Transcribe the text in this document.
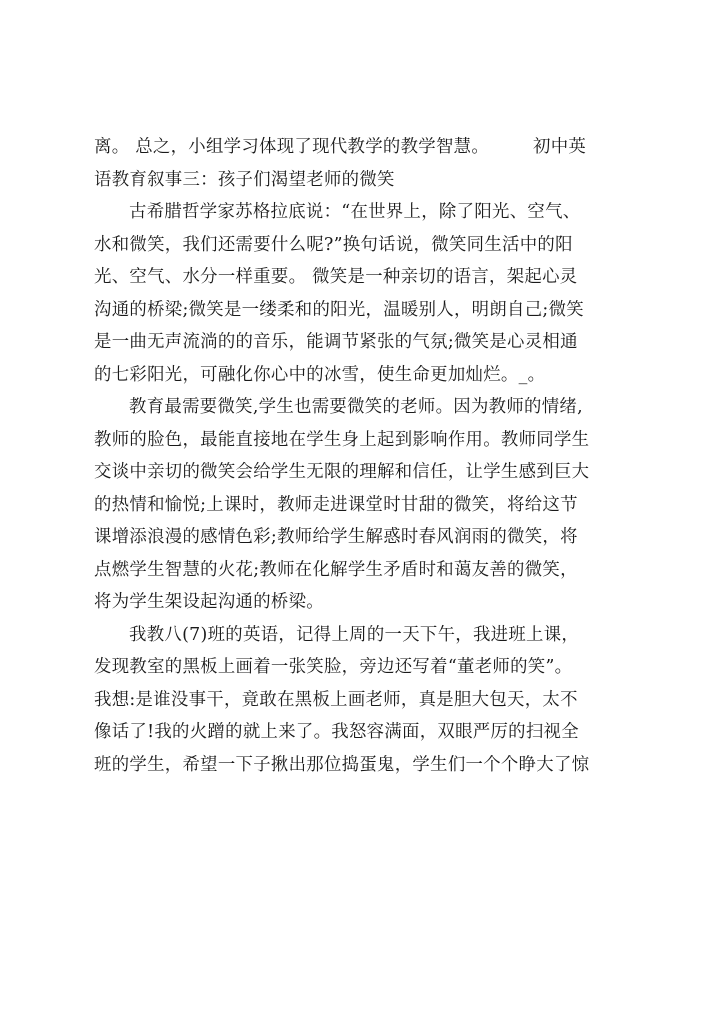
离。 总之，小组学习体现了现代教学的教学智慧。	初中英
语教育叙事三：孩子们渴望老师的微笑
古希腊哲学家苏格拉底说：“在世界上，除了阳光、空气、
水和微笑，我们还需要什么呢?”换句话说，微笑同生活中的阳
光、空气、水分一样重要。 微笑是一种亲切的语言，架起心灵
沟通的桥梁;微笑是一缕柔和的阳光，温暖别人，明朗自己;微笑
是一曲无声流淌的的音乐，能调节紧张的气氛;微笑是心灵相通
的七彩阳光，可融化你心中的冰雪，使生命更加灿烂。_。
教育最需要微笑,学生也需要微笑的老师。因为教师的情绪,
教师的脸色，最能直接地在学生身上起到影响作用。教师同学生
交谈中亲切的微笑会给学生无限的理解和信任，让学生感到巨大
的热情和愉悦;上课时，教师走进课堂时甘甜的微笑，将给这节
课增添浪漫的感情色彩;教师给学生解惑时春风润雨的微笑，将
点燃学生智慧的火花;教师在化解学生矛盾时和蔼友善的微笑，
将为学生架设起沟通的桥梁。
我教八(7)班的英语，记得上周的一天下午，我进班上课，
发现教室的黑板上画着一张笑脸，旁边还写着“董老师的笑”。
我想:是谁没事干，竟敢在黑板上画老师，真是胆大包天，太不
像话了!我的火蹭的就上来了。我怒容满面，双眼严厉的扫视全
班的学生，希望一下子揪出那位捣蛋鬼，学生们一个个睁大了惊
